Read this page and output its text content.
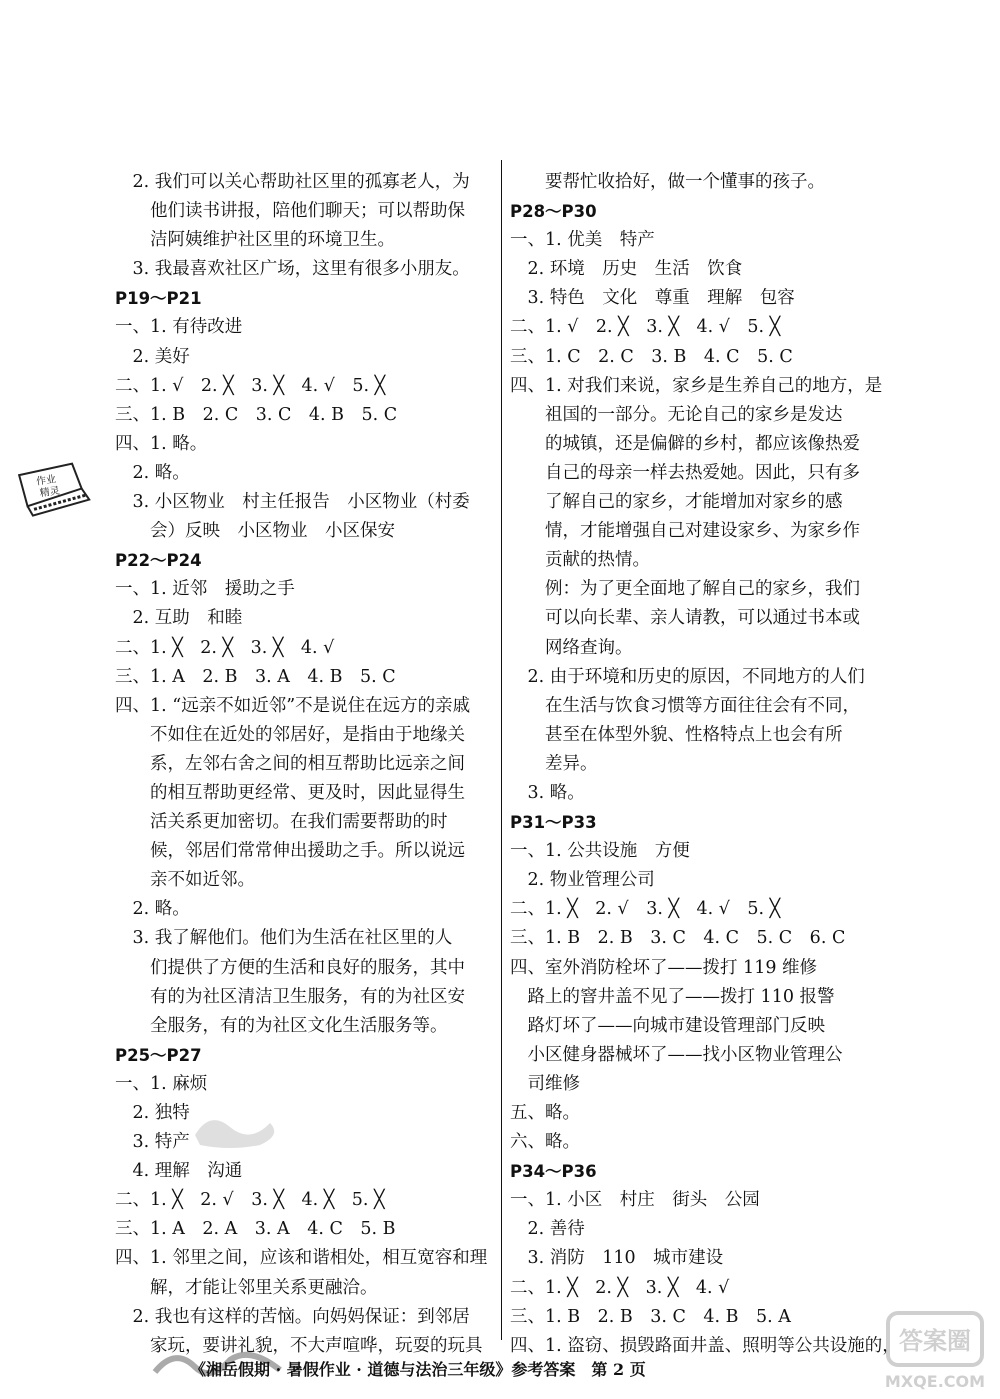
　2. 我们可以关心帮助社区里的孤寡老人，为
　　他们读书讲报，陪他们聊天；可以帮助保
　　洁阿姨维护社区里的环境卫生。
　3. 我最喜欢社区广场，这里有很多小朋友。
P19～P21
一、1. 有待改进
　2. 美好
二、1. √　2. ╳　3. ╳　4. √　5. ╳
三、1. B　2. C　3. C　4. B　5. C
四、1. 略。
　2. 略。
　3. 小区物业　村主任报告　小区物业（村委
　　会）反映　小区物业　小区保安
P22～P24
一、1. 近邻　援助之手
　2. 互助　和睦
二、1. ╳　2. ╳　3. ╳　4. √
三、1. A　2. B　3. A　4. B　5. C
四、1. “远亲不如近邻”不是说住在远方的亲戚
　　不如住在近处的邻居好，是指由于地缘关
　　系，左邻右舍之间的相互帮助比远亲之间
　　的相互帮助更经常、更及时，因此显得生
　　活关系更加密切。在我们需要帮助的时
　　候，邻居们常常伸出援助之手。所以说远
　　亲不如近邻。
　2. 略。
　3. 我了解他们。他们为生活在社区里的人
　　们提供了方便的生活和良好的服务，其中
　　有的为社区清洁卫生服务，有的为社区安
　　全服务，有的为社区文化生活服务等。
P25～P27
一、1. 麻烦
　2. 独特
　3. 特产
　4. 理解　沟通
二、1. ╳　2. √　3. ╳　4. ╳　5. ╳
三、1. A　2. A　3. A　4. C　5. B
四、1. 邻里之间，应该和谐相处，相互宽容和理
　　解，才能让邻里关系更融洽。
　2. 我也有这样的苦恼。向妈妈保证：到邻居
　　家玩，要讲礼貌，不大声喧哗，玩耍的玩具
　　要帮忙收拾好，做一个懂事的孩子。
P28～P30
一、1. 优美　特产
　2. 环境　历史　生活　饮食
　3. 特色　文化　尊重　理解　包容
二、1. √　2. ╳　3. ╳　4. √　5. ╳
三、1. C　2. C　3. B　4. C　5. C
四、1. 对我们来说，家乡是生养自己的地方，是
　　祖国的一部分。无论自己的家乡是发达
　　的城镇，还是偏僻的乡村，都应该像热爱
　　自己的母亲一样去热爱她。因此，只有多
　　了解自己的家乡，才能增加对家乡的感
　　情，才能增强自己对建设家乡、为家乡作
　　贡献的热情。
　　例：为了更全面地了解自己的家乡，我们
　　可以向长辈、亲人请教，可以通过书本或
　　网络查询。
　2. 由于环境和历史的原因，不同地方的人们
　　在生活与饮食习惯等方面往往会有不同，
　　甚至在体型外貌、性格特点上也会有所
　　差异。
　3. 略。
P31～P33
一、1. 公共设施　方便
　2. 物业管理公司
二、1. ╳　2. √　3. ╳　4. √　5. ╳
三、1. B　2. B　3. C　4. C　5. C　6. C
四、室外消防栓坏了——拨打 119 维修
　路上的窨井盖不见了——拨打 110 报警
　路灯坏了——向城市建设管理部门反映
　小区健身器械坏了——找小区物业管理公
　司维修
五、略。
六、略。
P34～P36
一、1. 小区　村庄　街头　公园
　2. 善待
　3. 消防　110　城市建设
二、1. ╳　2. ╳　3. ╳　4. √
三、1. B　2. B　3. C　4. B　5. A
四、1. 盗窃、损毁路面井盖、照明等公共设施的，
作业
精灵
《湘岳假期 · 暑假作业 · 道德与法治三年级》参考答案　第 2 页
答案圈
MXQE.COM
